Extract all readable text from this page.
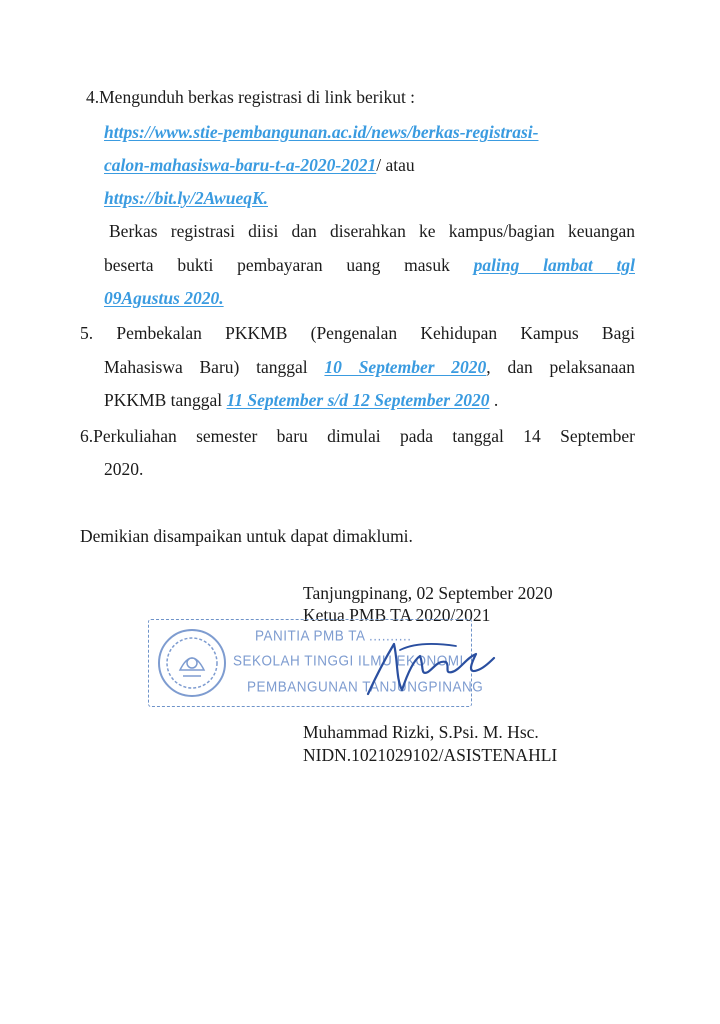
4.Mengunduh berkas registrasi di link berikut :
https://www.stie-pembangunan.ac.id/news/berkas-registrasi-
calon-mahasiswa-baru-t-a-2020-2021/ atau
https://bit.ly/2AwueqK.
Berkas registrasi diisi dan diserahkan ke kampus/bagian keuangan
beserta bukti pembayaran uang masuk paling lambat tgl
09Agustus 2020.
5. Pembekalan PKKMB (Pengenalan Kehidupan Kampus Bagi
Mahasiswa Baru) tanggal 10 September 2020, dan pelaksanaan
PKKMB tanggal 11 September s/d 12 September 2020 .
6.Perkuliahan semester baru dimulai pada tanggal 14 September
2020.
Demikian disampaikan untuk dapat dimaklumi.
Tanjungpinang, 02 September 2020
Ketua PMB TA 2020/2021
PANITIA PMB TA ..........
SEKOLAH TINGGI ILMU EKONOMI
PEMBANGUNAN TANJUNGPINANG
Muhammad Rizki, S.Psi. M. Hsc.
NIDN.1021029102/ASISTENAHLI
